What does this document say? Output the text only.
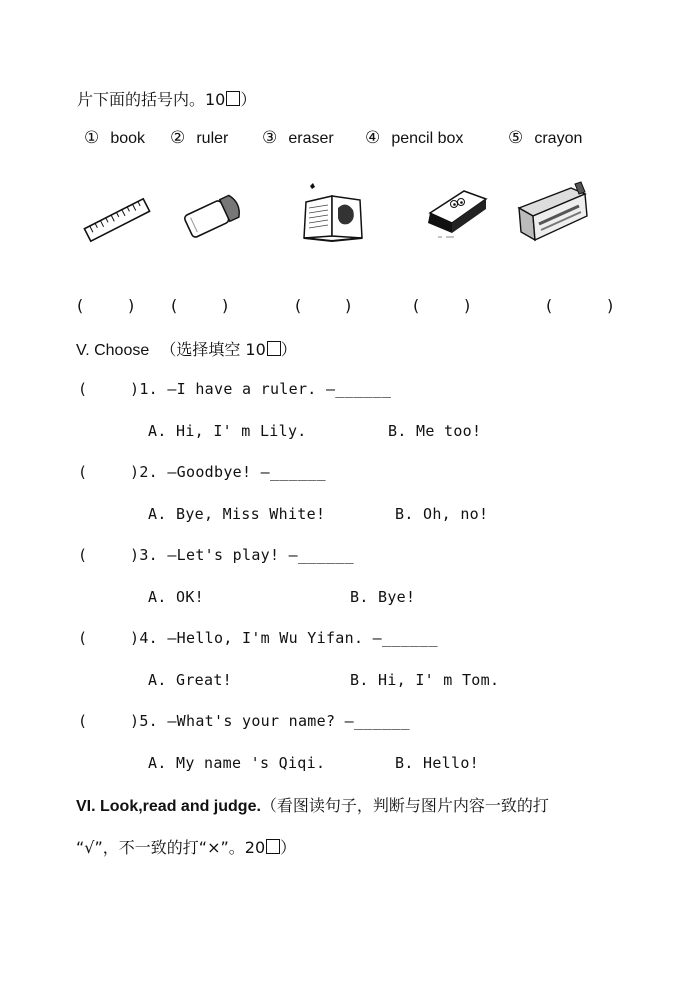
片下面的括号内。10 ）
① book ② ruler ③ eraser ④ pencil box	⑤ crayon
(	) (	)	(	)	(	)	(	)
V. Choose （选择填空 10 ）
(	)1. —I have a ruler. —______
A. Hi, I' m Lily.	B. Me too!
(	)2. —Goodbye! —______
A. Bye, Miss White!	B. Oh, no!
(	)3. —Let's play! —______
A. OK!	B. Bye!
(	)4. —Hello, I'm Wu Yifan. —______
A. Great!	B. Hi, I' m Tom.
(	)5. —What's your name? —______
A. My name 's Qiqi.	B. Hello!
VI. Look,read and judge.（看图读句子，判断与图片内容一致的打
“√”，不一致的打“×”。20 ）
